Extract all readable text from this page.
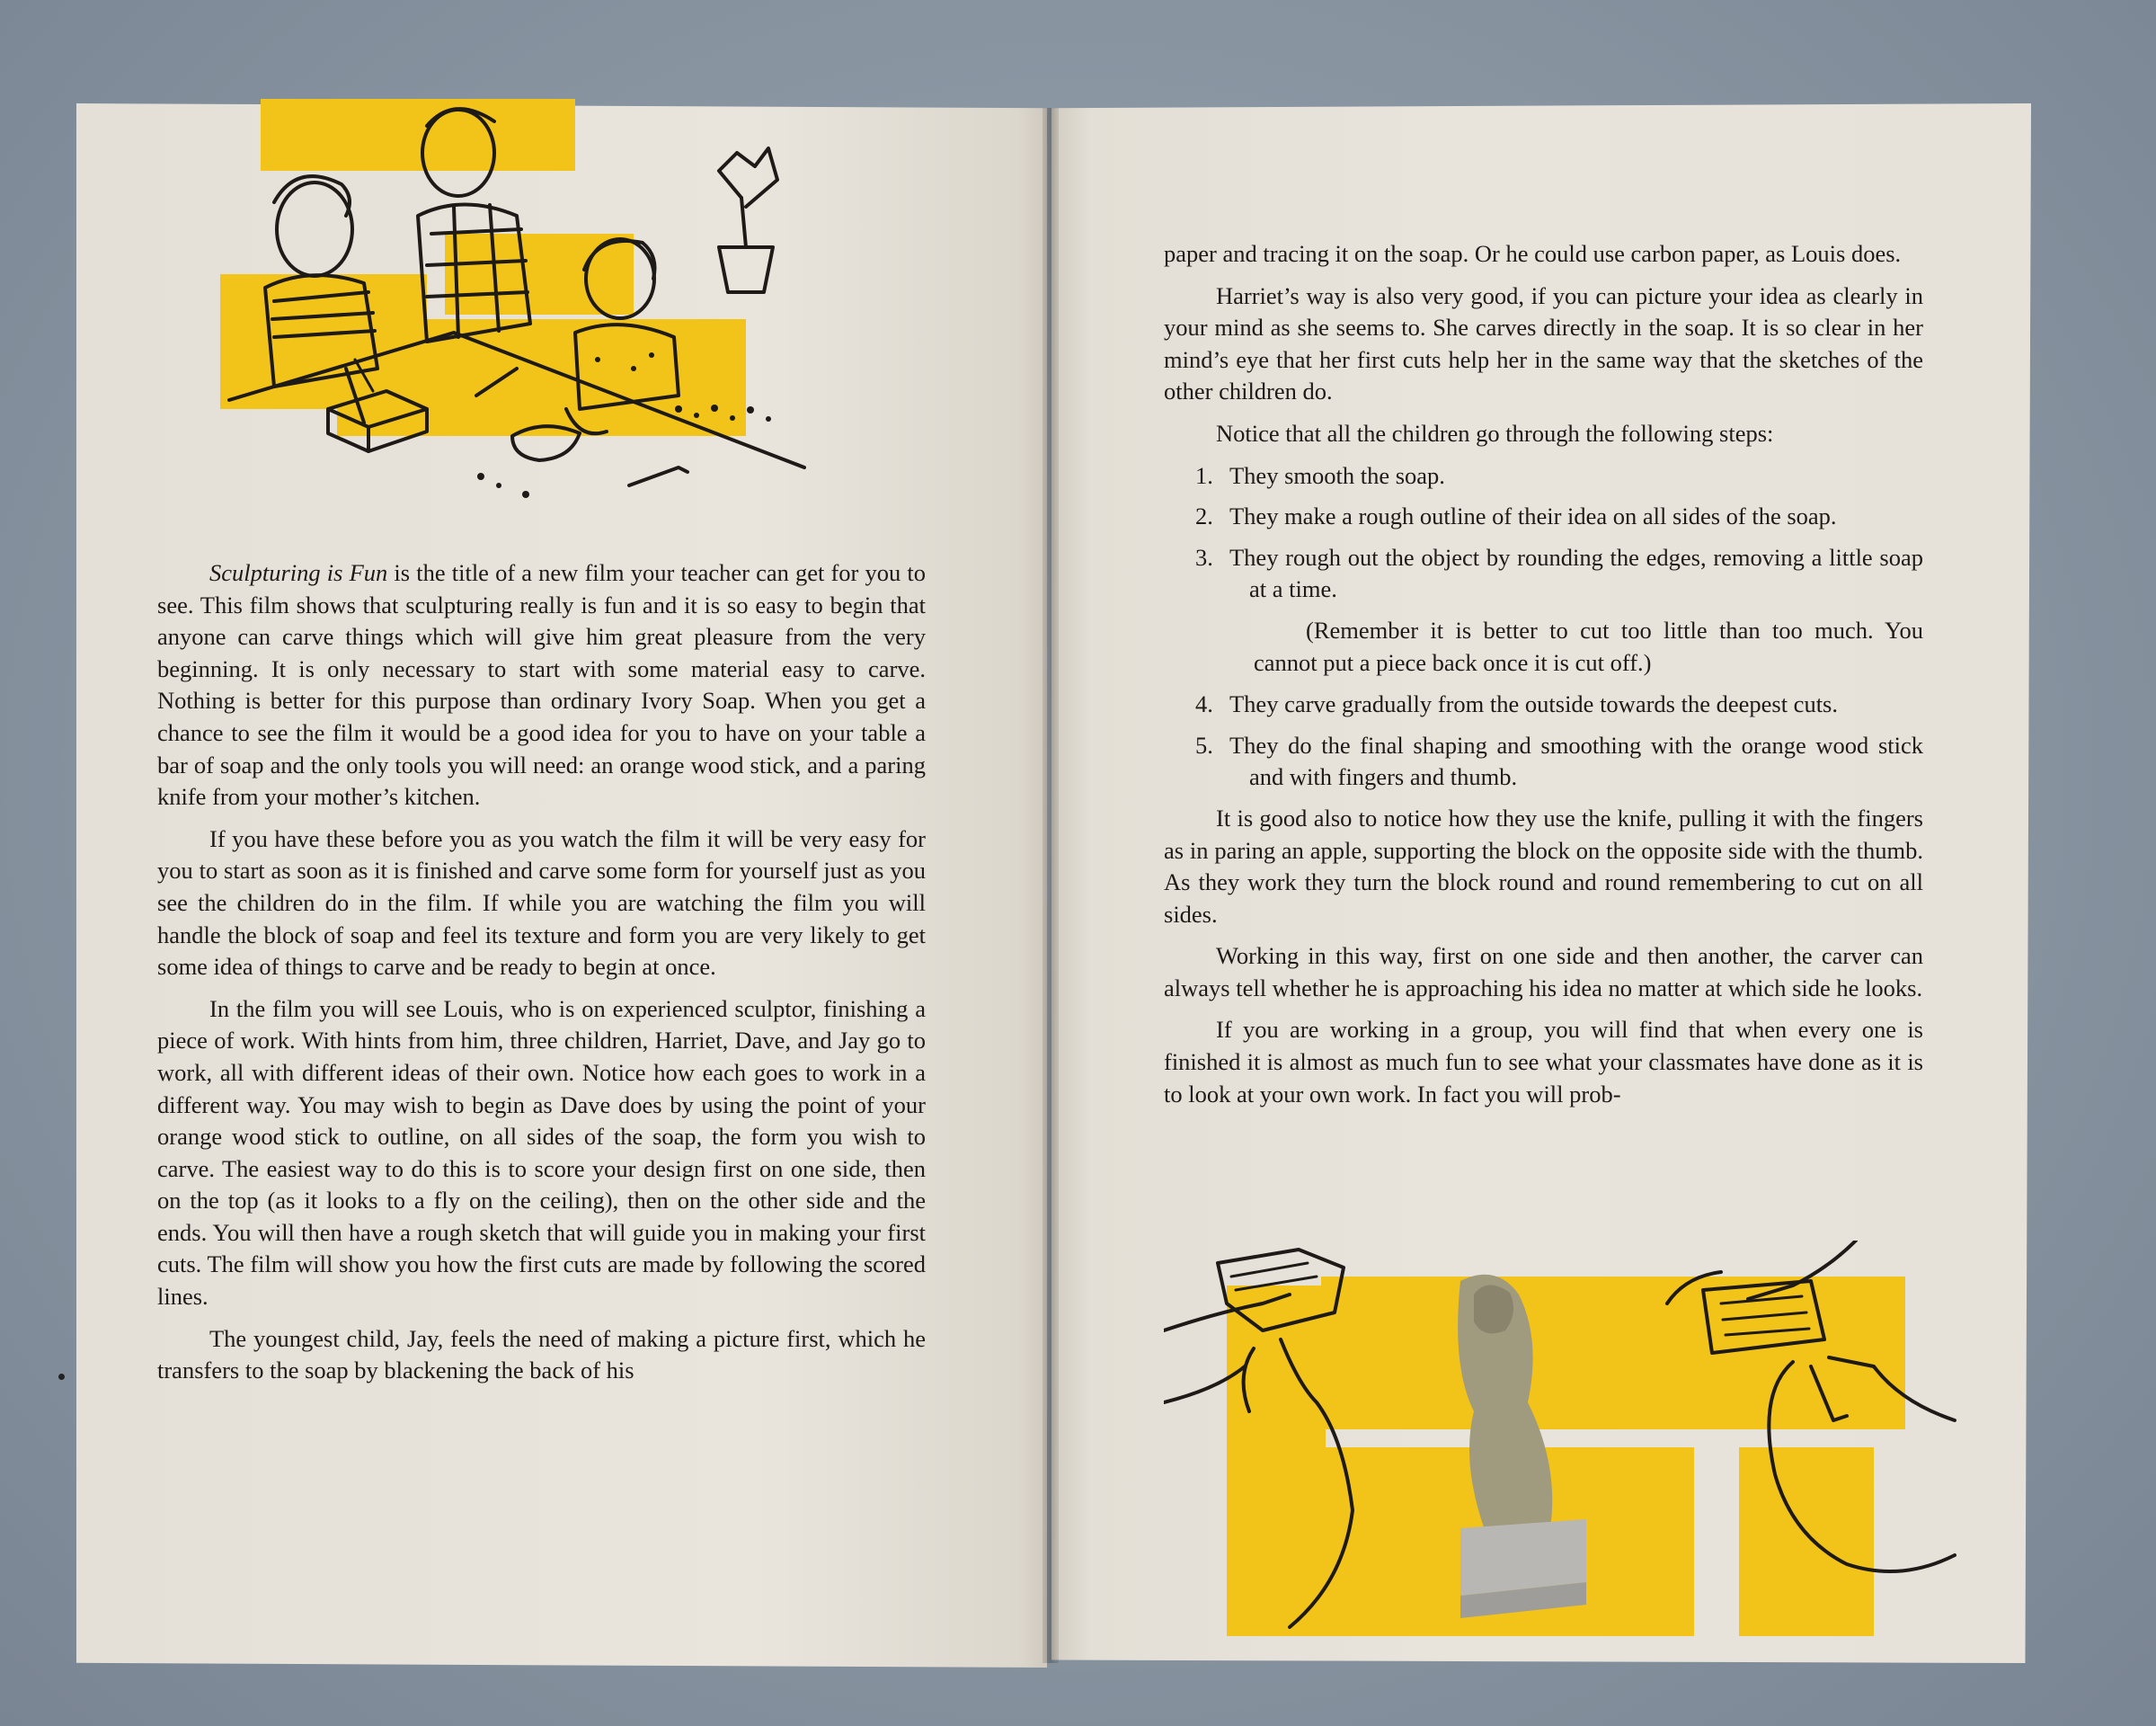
Sculpturing is Fun is the title of a new film your teacher can get for you to see. This film shows that sculpturing really is fun and it is so easy to begin that anyone can carve things which will give him great pleasure from the very beginning. It is only necessary to start with some material easy to carve. Nothing is better for this purpose than ordinary Ivory Soap. When you get a chance to see the film it would be a good idea for you to have on your table a bar of soap and the only tools you will need: an orange wood stick, and a paring knife from your mother’s kitchen.

If you have these before you as you watch the film it will be very easy for you to start as soon as it is finished and carve some form for yourself just as you see the children do in the film. If while you are watching the film you will handle the block of soap and feel its texture and form you are very likely to get some idea of things to carve and be ready to begin at once.

In the film you will see Louis, who is on experienced sculptor, finishing a piece of work. With hints from him, three children, Harriet, Dave, and Jay go to work, all with different ideas of their own. Notice how each goes to work in a different way. You may wish to begin as Dave does by using the point of your orange wood stick to outline, on all sides of the soap, the form you wish to carve. The easiest way to do this is to score your design first on one side, then on the top (as it looks to a fly on the ceiling), then on the other side and the ends. You will then have a rough sketch that will guide you in making your first cuts. The film will show you how the first cuts are made by following the scored lines.

The youngest child, Jay, feels the need of making a picture first, which he transfers to the soap by blackening the back of his

paper and tracing it on the soap. Or he could use carbon paper, as Louis does.

Harriet’s way is also very good, if you can picture your idea as clearly in your mind as she seems to. She carves directly in the soap. It is so clear in her mind’s eye that her first cuts help her in the same way that the sketches of the other children do.

Notice that all the children go through the following steps:

1. They smooth the soap.
2. They make a rough outline of their idea on all sides of the soap.
3. They rough out the object by rounding the edges, removing a little soap at a time.

(Remember it is better to cut too little than too much. You cannot put a piece back once it is cut off.)

4. They carve gradually from the outside towards the deepest cuts.
5. They do the final shaping and smoothing with the orange wood stick and with fingers and thumb.

It is good also to notice how they use the knife, pulling it with the fingers as in paring an apple, supporting the block on the opposite side with the thumb. As they work they turn the block round and round remembering to cut on all sides.

Working in this way, first on one side and then another, the carver can always tell whether he is approaching his idea no matter at which side he looks.

If you are working in a group, you will find that when every one is finished it is almost as much fun to see what your classmates have done as it is to look at your own work. In fact you will prob-
